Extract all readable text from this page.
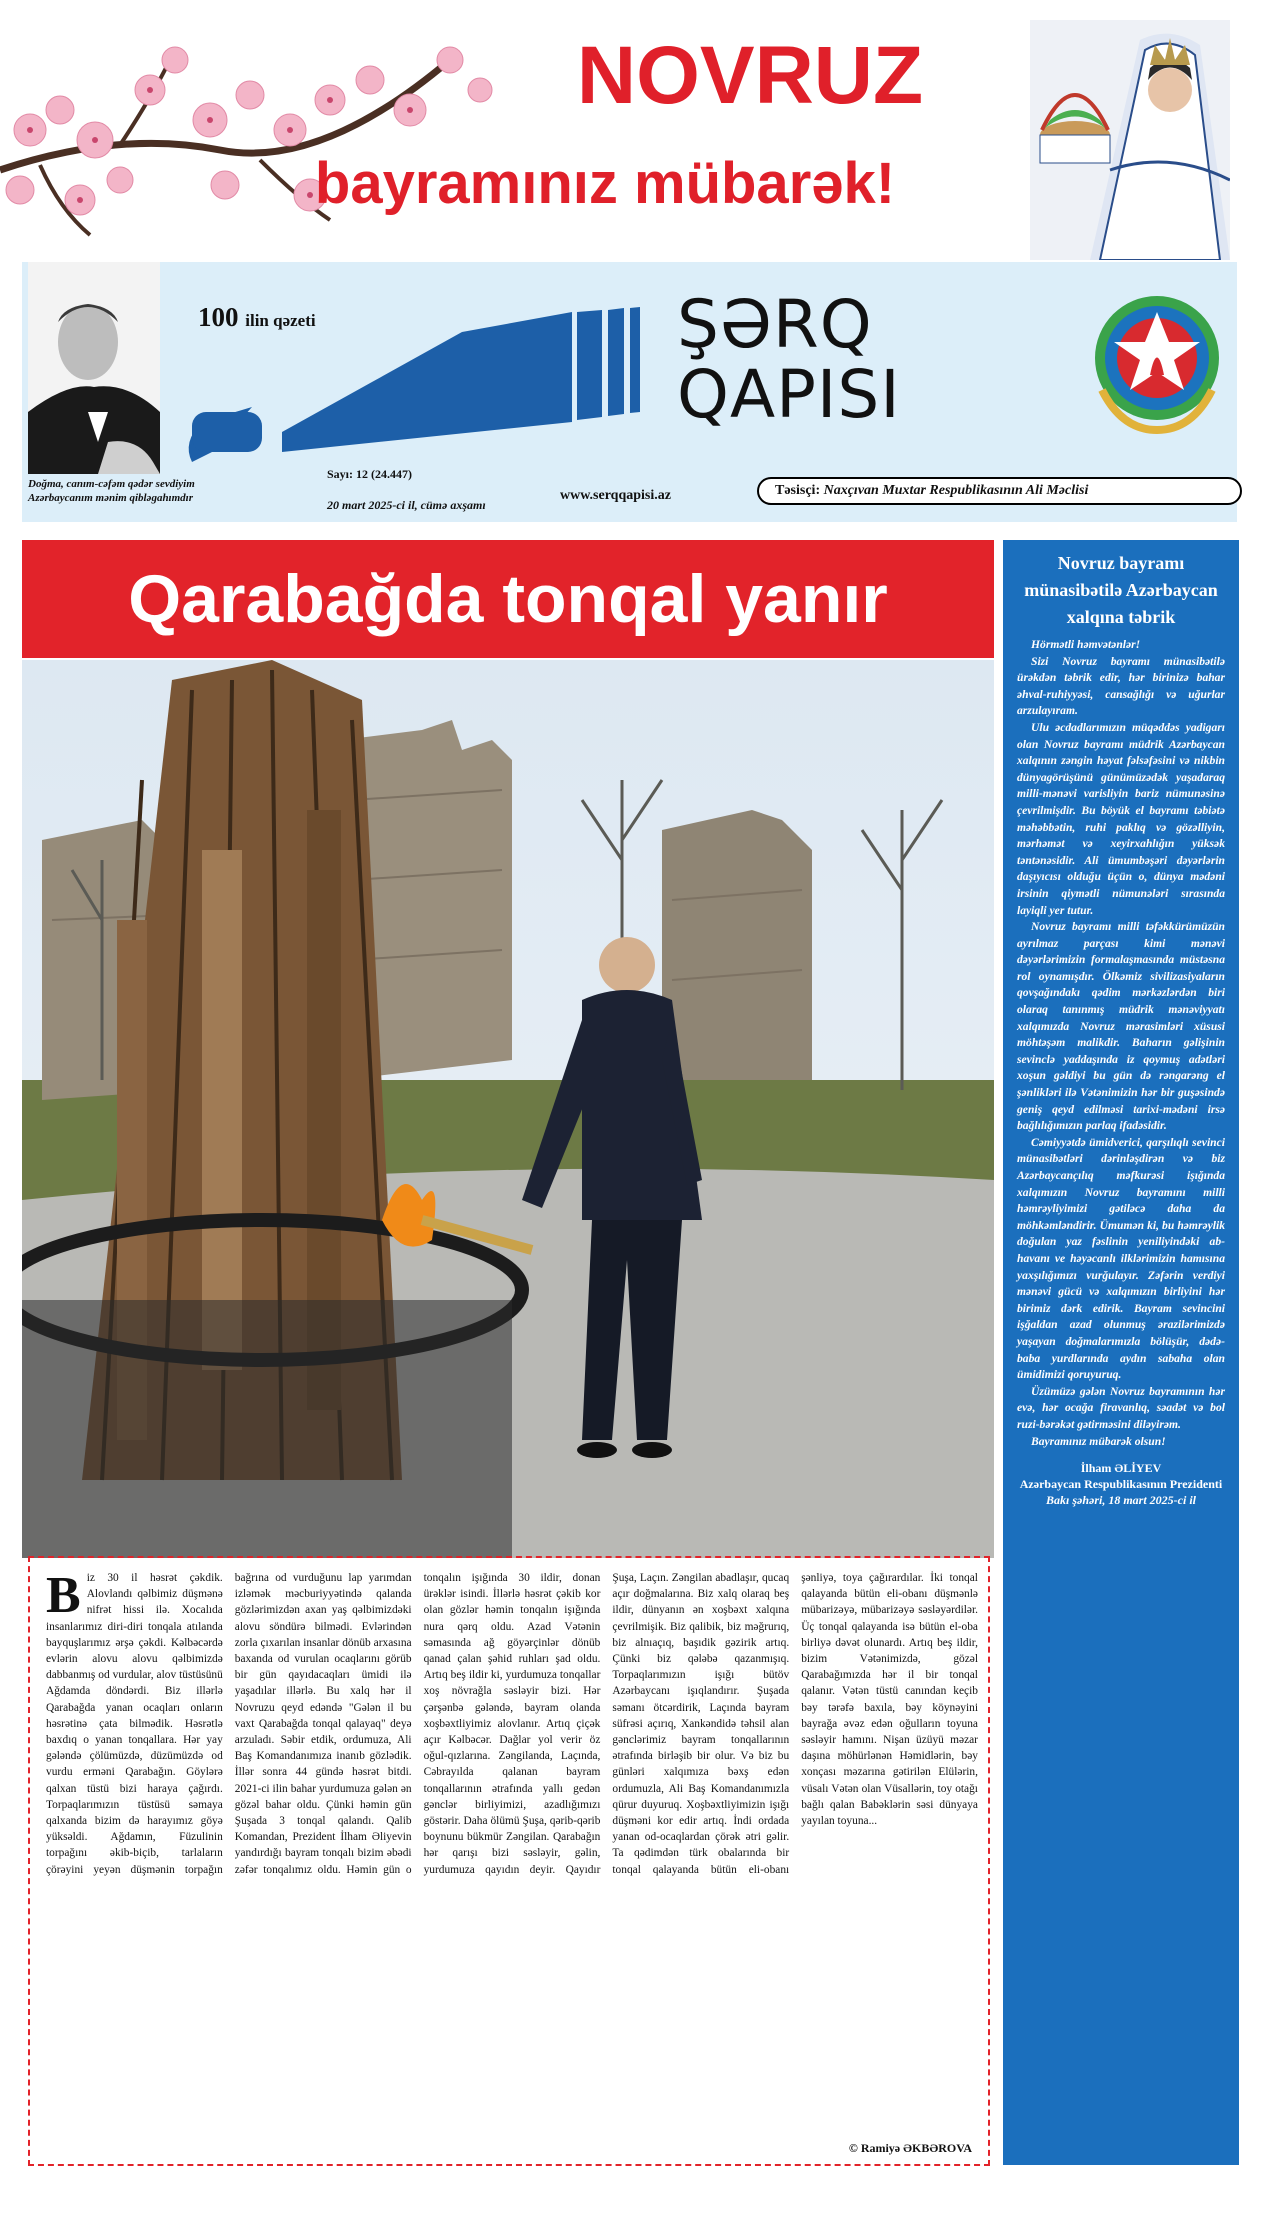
NOVRUZ
bayramınız mübarək!
Doğma, canım-cəfəm qədər sevdiyim Azərbaycanım mənim qibləgahımdır
100 ilin qəzeti
Sayı: 12 (24.447)
20 mart 2025-ci il, cümə axşamı
www.serqqapisi.az
ŞƏRQ
QAPISI
Təsisçi: Naxçıvan Muxtar Respublikasının Ali Məclisi
Qarabağda tonqal yanır

Biz 30 il həsrət çəkdik. Alovlandı qəlbimiz düşmənə nifrət hissi ilə. Xocalıda insanlarımız diri-diri tonqala atılanda bayquşlarımız ərşə çəkdi. Kəlbəcərdə evlərin alovu alovu qəlbimizdə dabbanmış od vurdular, alov tüstüsünü Ağdamda döndərdi. Biz illərlə Qarabağda yanan ocaqları onların həsrətinə çata bilmədik. Həsrətlə baxdıq o yanan tonqallara. Hər yay gələndə çölümüzdə, düzümüzdə od vurdu erməni Qarabağın. Göylərə qalxan tüstü bizi haraya çağırdı. Torpaqlarımızın tüstüsü səmaya qalxanda bizim də harayımız göyə yüksəldi. Ağdamın, Füzulinin torpağını əkib-biçib, tarlaların çörəyini yeyən düşmənin torpağın bağrına od vurduğunu lap yarımdan izləmək məcburiyyətində qalanda gözlərimizdən axan yaş qəlbimizdəki alovu söndürə bilmədi. Evlərindən zorla çıxarılan insanlar dönüb arxasına baxanda od vurulan ocaqlarını görüb bir gün qayıdacaqları ümidi ilə yaşadılar illərlə. Bu xalq hər il Novruzu qeyd edəndə "Gələn il bu vaxt Qarabağda tonqal qalayaq" deyə arzuladı. Səbir etdik, ordumuza, Ali Baş Komandanımıza inanıb gözlədik. İllər sonra 44 gündə həsrət bitdi. 2021-ci ilin bahar yurdumuza gələn ən gözəl bahar oldu. Çünki həmin gün Şuşada 3 tonqal qalandı. Qalib Komandan, Prezident İlham Əliyevin yandırdığı bayram tonqalı bizim əbədi zəfər tonqalımız oldu. Həmin gün o tonqalın işığında 30 ildir, donan ürəklər isindi. İllərlə həsrət çəkib kor olan gözlər həmin tonqalın işığında nura qərq oldu. Azad Vətənin səmasında ağ göyərçinlər dönüb qanad çalan şəhid ruhları şad oldu. Artıq beş ildir ki, yurdumuza tonqallar xoş növrağla səsləyir bizi. Hər çərşənbə gələndə, bayram olanda xoşbəxtliyimiz alovlanır. Artıq çiçək açır Kəlbəcər. Dağlar yol verir öz oğul-qızlarına. Zəngilanda, Laçında, Cəbrayılda qalanan bayram tonqallarının ətrafında yallı gedən gənclər birliyimizi, azadlığımızı göstərir. Daha ölümü Şuşa, qərib-qərib boynunu bükmür Zəngilan. Qarabağın hər qarışı bizi səsləyir, gəlin, yurdumuza qayıdın deyir. Qayıdır Şuşa, Laçın. Zəngilan abadlaşır, qucaq açır doğmalarına. Biz xalq olaraq beş ildir, dünyanın ən xoşbəxt xalqına çevrilmişik. Biz qalibik, biz məğrurıq, biz alnıaçıq, başıdik gəzirik artıq. Çünki biz qələbə qazanmışıq. Torpaqlarımızın işığı bütöv Azərbaycanı işıqlandırır. Şuşada səmanı ötcərdirik, Laçında bayram süfrəsi açırıq, Xankəndidə təhsil alan gənclərimiz bayram tonqallarının ətrafında birləşib bir olur. Və biz bu günləri xalqımıza bəxş edən ordumuzla, Ali Baş Komandanımızla qürur duyuruq. Xoşbəxtliyimizin işığı düşməni kor edir artıq. İndi ordada yanan od-ocaqlardan çörək ətri gəlir. Ta qədimdən türk obalarında bir tonqal qalayanda bütün eli-obanı şənliyə, toya çağırardılar. İki tonqal qalayanda bütün eli-obanı düşmənlə mübarizəyə, mübarizəyə səsləyərdilər. Üç tonqal qalayanda isə bütün el-oba birliyə dəvət olunardı. Artıq beş ildir, bizim Vətənimizdə, gözəl Qarabağımızda hər il bir tonqal qalanır. Vətən tüstü canından keçib bəy tərəfə baxıla, bəy köynəyini bayrağa əvəz edən oğulların toyuna səsləyir hamını. Nişan üzüyü məzar daşına möhürlənən Həmidlərin, bəy xonçası məzarına gətirilən Elülərin, vüsalı Vətən olan Vüsallərin, toy otağı bağlı qalan Babəklərin səsi dünyaya yayılan toyuna...

© Ramiyə ƏKBƏROVA
Novruz bayramı münasibətilə Azərbaycan xalqına təbrik

Hörmətli həmvətənlər!

Sizi Novruz bayramı münasibətilə ürəkdən təbrik edir, hər birinizə bahar əhval-ruhiyyəsi, cansağlığı və uğurlar arzulayıram.

Ulu əcdadlarımızın müqəddəs yadigarı olan Novruz bayramı müdrik Azərbaycan xalqının zəngin həyat fəlsəfəsini və nikbin dünyagörüşünü günümüzədək yaşadaraq milli-mənəvi varisliyin bariz nümunəsinə çevrilmişdir. Bu böyük el bayramı təbiətə məhəbbətin, ruhi paklıq və gözəlliyin, mərhəmət və xeyirxahlığın yüksək təntənəsidir. Ali ümumbəşəri dəyərlərin daşıyıcısı olduğu üçün o, dünya mədəni irsinin qiymətli nümunələri sırasında layiqli yer tutur.

Novruz bayramı milli təfəkkürümüzün ayrılmaz parçası kimi mənəvi dəyərlərimizin formalaşmasında müstəsna rol oynamışdır. Ölkəmiz sivilizasiyaların qovşağındakı qədim mərkəzlərdən biri olaraq tanınmış müdrik mənəviyyatı xalqımızda Novruz mərasimləri xüsusi möhtəşəm malikdir. Baharın gəlişinin sevinclə yaddaşında iz qoymuş adətləri xoşun gəldiyi bu gün də rəngarəng el şənlikləri ilə Vətənimizin hər bir guşəsində geniş qeyd edilməsi tarixi-mədəni irsə bağlılığımızın parlaq ifadəsidir.

Cəmiyyətdə ümidverici, qarşılıqlı sevinci münasibətləri dərinləşdirən və biz Azərbaycançılıq məfkurəsi işığında xalqımızın Novruz bayramını milli həmrəyliyimizi gətiləcə daha da möhkəmləndirir. Ümumən ki, bu həmrəylik doğulan yaz fəslinin yeniliyindəki ab-havanı ve həyəcanlı ilklərimizin hamısına yaxşılığımızı vurğulayır. Zəfərin verdiyi mənəvi gücü və xalqımızın birliyini hər birimiz dərk edirik. Bayram sevincini işğaldan azad olunmuş ərazilərimizdə yaşayan doğmalarımızla bölüşür, dədə-baba yurdlarında aydın sabaha olan ümidimizi qoruyuruq.

Üzümüzə gələn Novruz bayramının hər evə, hər ocağa firavanlıq, səadət və bol ruzi-bərəkət gətirməsini diləyirəm.

Bayramınız mübarək olsun!

İlham ƏLİYEV
Azərbaycan Respublikasının Prezidenti
Bakı şəhəri, 18 mart 2025-ci il
